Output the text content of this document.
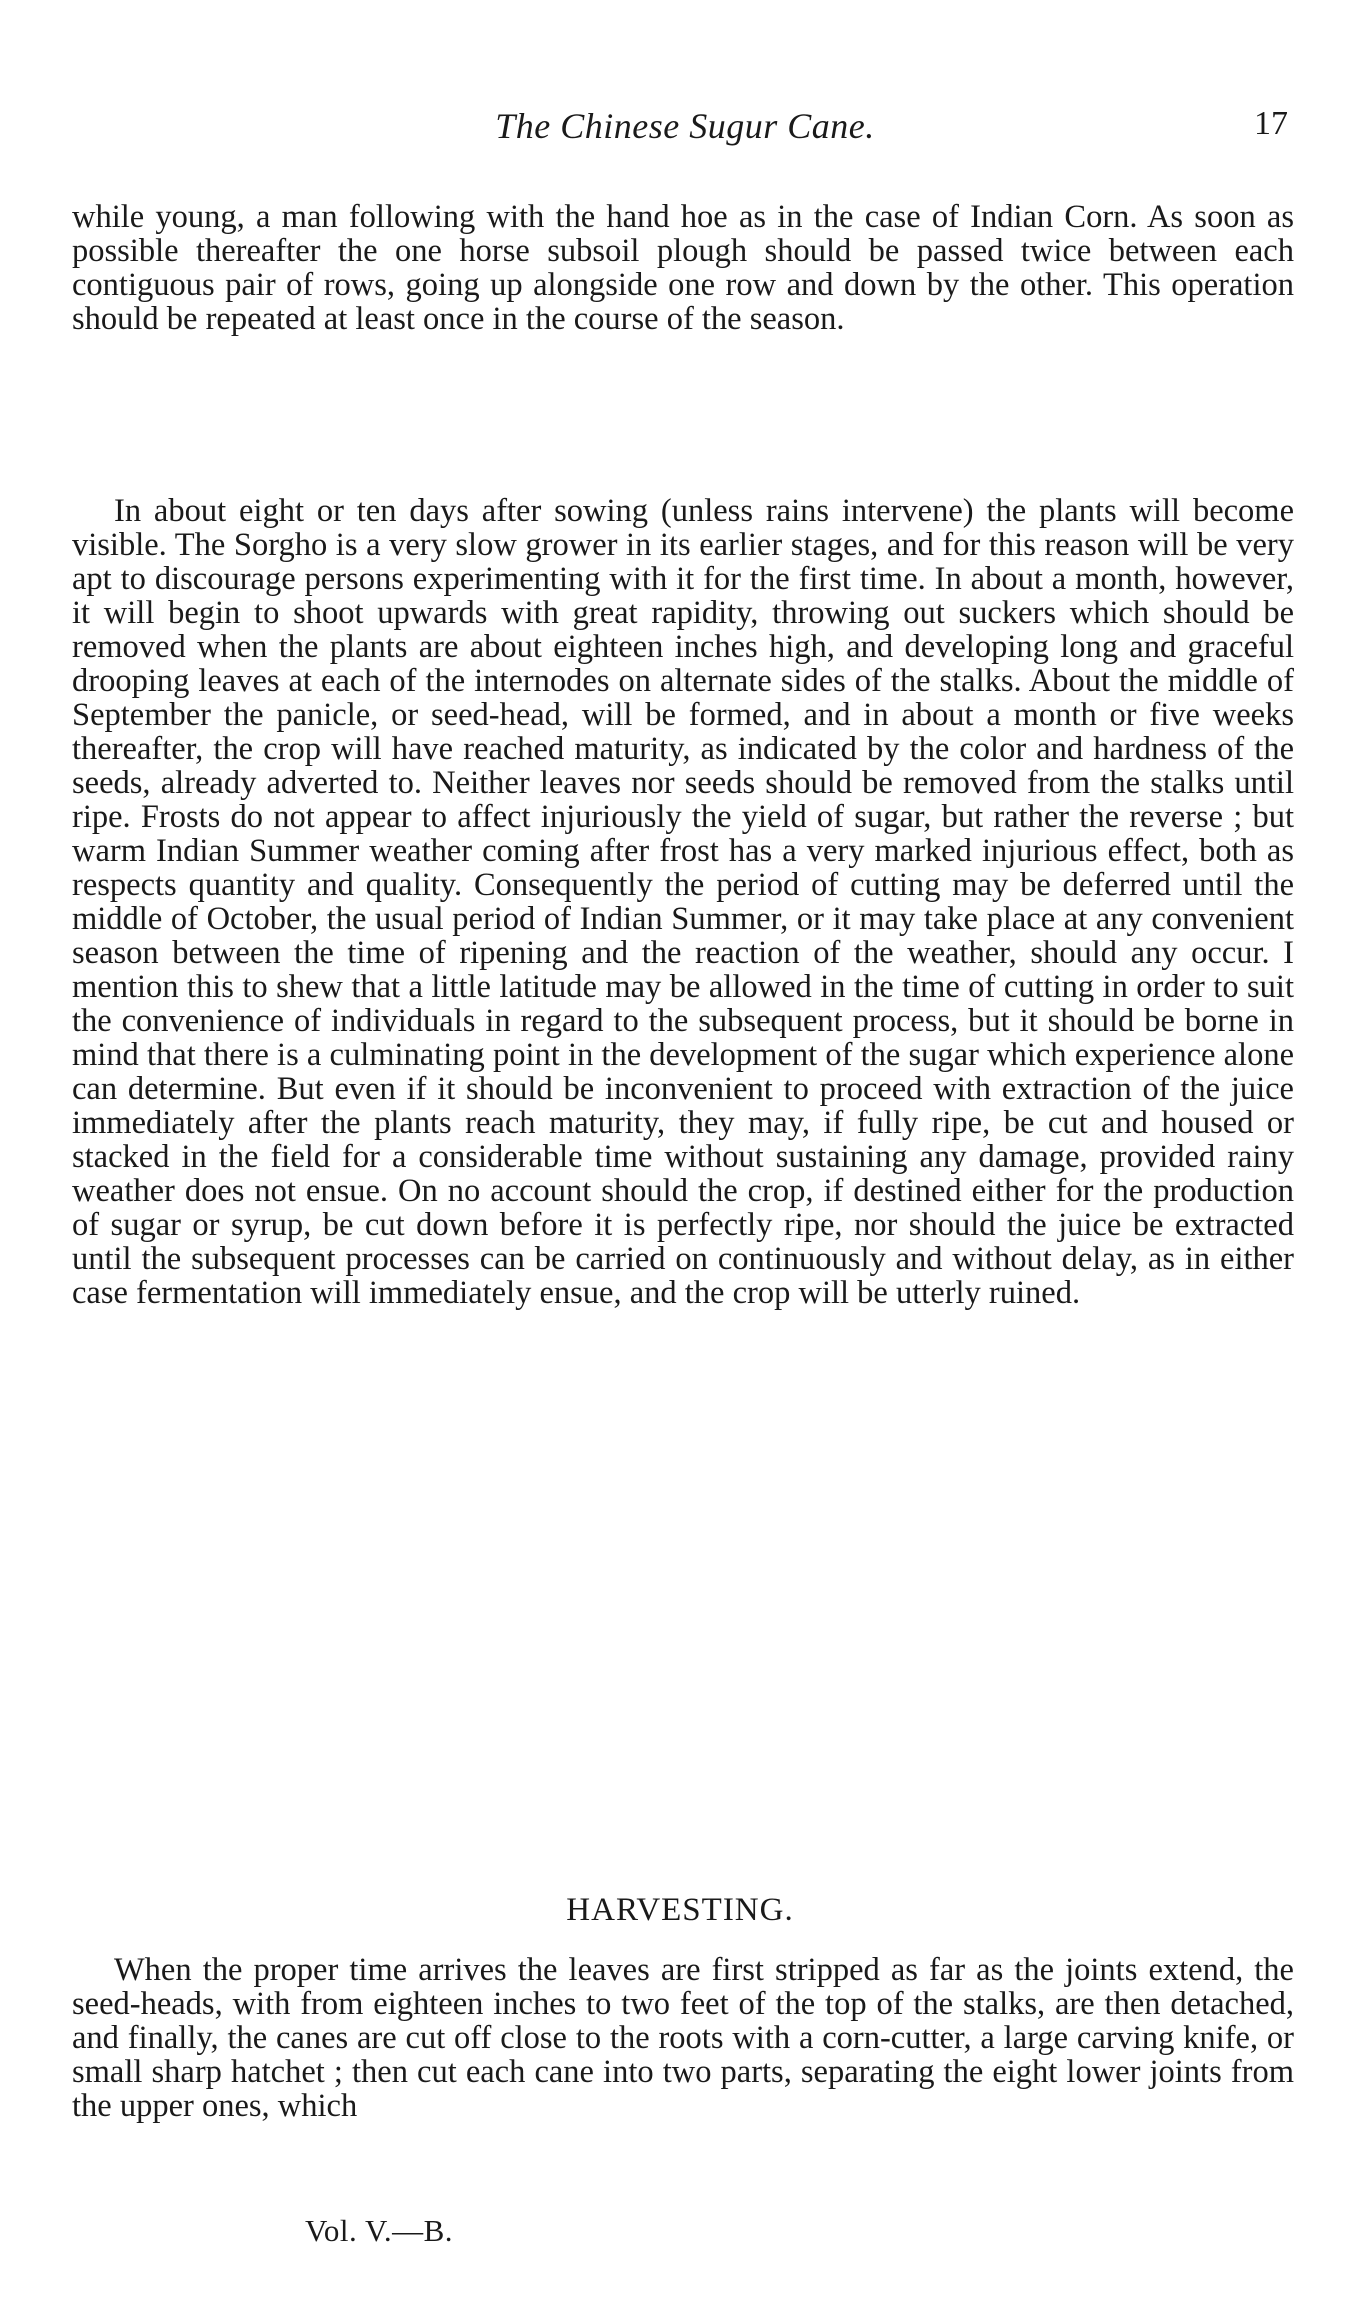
The Chinese Sugur Cane.	17

while young, a man following with the hand hoe as in the case of Indian Corn. As soon as possible thereafter the one horse subsoil plough should be passed twice between each contiguous pair of rows, going up alongside one row and down by the other. This operation should be repeated at least once in the course of the season.

In about eight or ten days after sowing (unless rains intervene) the plants will become visible. The Sorgho is a very slow grower in its earlier stages, and for this reason will be very apt to discourage persons experimenting with it for the first time. In about a month, however, it will begin to shoot upwards with great rapidity, throwing out suckers which should be removed when the plants are about eighteen inches high, and developing long and graceful drooping leaves at each of the internodes on alternate sides of the stalks. About the middle of September the panicle, or seed-head, will be formed, and in about a month or five weeks thereafter, the crop will have reached maturity, as indicated by the color and hardness of the seeds, already adverted to. Neither leaves nor seeds should be removed from the stalks until ripe. Frosts do not appear to affect injuriously the yield of sugar, but rather the reverse ; but warm Indian Summer weather coming after frost has a very marked injurious effect, both as respects quantity and quality. Consequently the period of cutting may be deferred until the middle of October, the usual period of Indian Summer, or it may take place at any convenient season between the time of ripening and the reaction of the weather, should any occur. I mention this to shew that a little latitude may be allowed in the time of cutting in order to suit the convenience of individuals in regard to the subsequent process, but it should be borne in mind that there is a culminating point in the development of the sugar which experience alone can determine. But even if it should be inconvenient to proceed with extraction of the juice immediately after the plants reach maturity, they may, if fully ripe, be cut and housed or stacked in the field for a considerable time without sustaining any damage, provided rainy weather does not ensue. On no account should the crop, if destined either for the production of sugar or syrup, be cut down before it is perfectly ripe, nor should the juice be extracted until the subsequent processes can be carried on continuously and without delay, as in either case fermentation will immediately ensue, and the crop will be utterly ruined.

HARVESTING.

When the proper time arrives the leaves are first stripped as far as the joints extend, the seed-heads, with from eighteen inches to two feet of the top of the stalks, are then detached, and finally, the canes are cut off close to the roots with a corn-cutter, a large carving knife, or small sharp hatchet ; then cut each cane into two parts, separating the eight lower joints from the upper ones, which

Vol. V.—B.
